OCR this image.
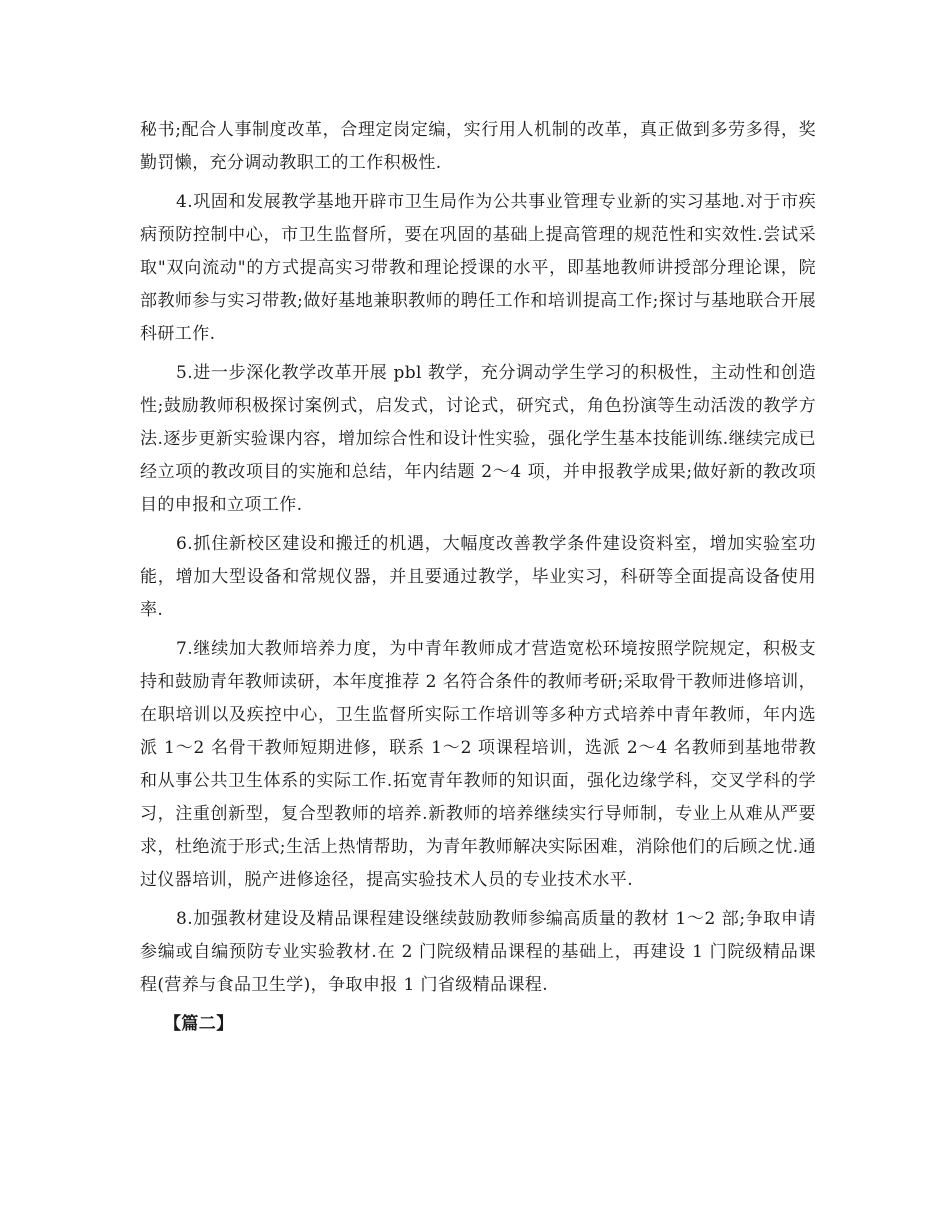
秘书;配合人事制度改革，合理定岗定编，实行用人机制的改革，真正做到多劳多得，奖勤罚懒，充分调动教职工的工作积极性.

4.巩固和发展教学基地开辟市卫生局作为公共事业管理专业新的实习基地.对于市疾病预防控制中心，市卫生监督所，要在巩固的基础上提高管理的规范性和实效性.尝试采取"双向流动"的方式提高实习带教和理论授课的水平，即基地教师讲授部分理论课，院部教师参与实习带教;做好基地兼职教师的聘任工作和培训提高工作;探讨与基地联合开展科研工作.

5.进一步深化教学改革开展 pbl 教学，充分调动学生学习的积极性，主动性和创造性;鼓励教师积极探讨案例式，启发式，讨论式，研究式，角色扮演等生动活泼的教学方法.逐步更新实验课内容，增加综合性和设计性实验，强化学生基本技能训练.继续完成已经立项的教改项目的实施和总结，年内结题 2～4 项，并申报教学成果;做好新的教改项目的申报和立项工作.

6.抓住新校区建设和搬迁的机遇，大幅度改善教学条件建设资料室，增加实验室功能，增加大型设备和常规仪器，并且要通过教学，毕业实习，科研等全面提高设备使用率.

7.继续加大教师培养力度，为中青年教师成才营造宽松环境按照学院规定，积极支持和鼓励青年教师读研，本年度推荐 2 名符合条件的教师考研;采取骨干教师进修培训，在职培训以及疾控中心，卫生监督所实际工作培训等多种方式培养中青年教师，年内选派 1～2 名骨干教师短期进修，联系 1～2 项课程培训，选派 2～4 名教师到基地带教和从事公共卫生体系的实际工作.拓宽青年教师的知识面，强化边缘学科，交叉学科的学习，注重创新型，复合型教师的培养.新教师的培养继续实行导师制，专业上从难从严要求，杜绝流于形式;生活上热情帮助，为青年教师解决实际困难，消除他们的后顾之忧.通过仪器培训，脱产进修途径，提高实验技术人员的专业技术水平.

8.加强教材建设及精品课程建设继续鼓励教师参编高质量的教材 1～2 部;争取申请参编或自编预防专业实验教材.在 2 门院级精品课程的基础上，再建设 1 门院级精品课程(营养与食品卫生学)，争取申报 1 门省级精品课程.

【篇二】
